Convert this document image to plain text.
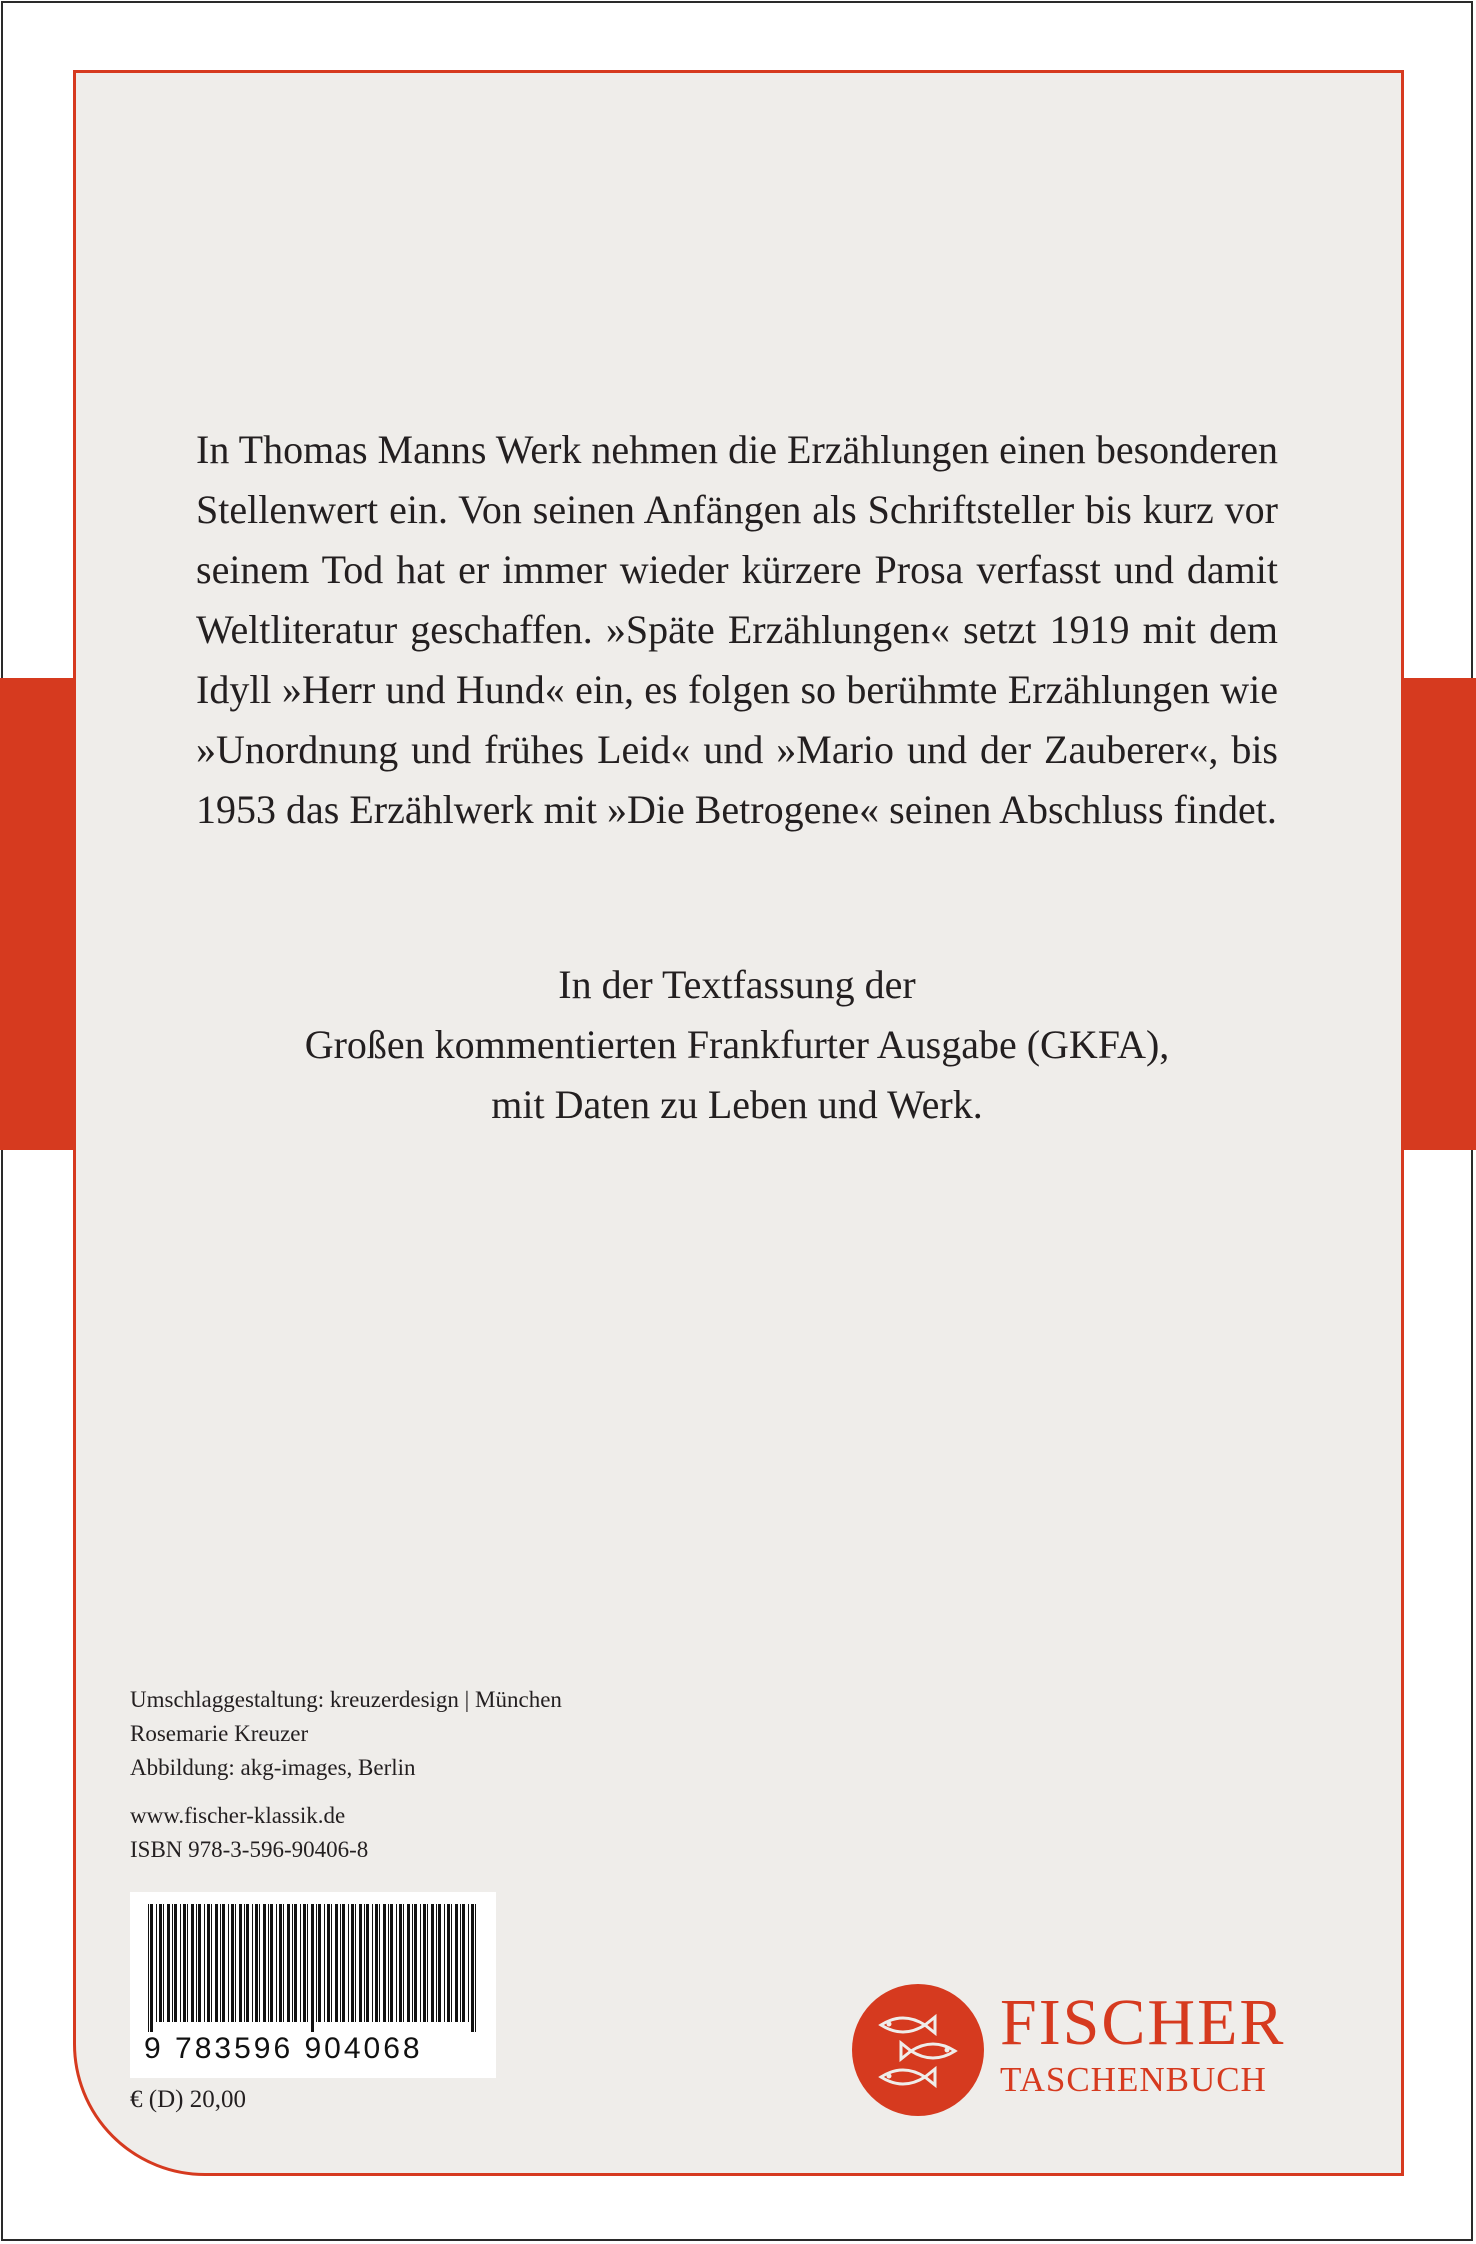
In Thomas Manns Werk nehmen die Erzählungen einen besonderen Stellenwert ein. Von seinen Anfängen als Schriftsteller bis kurz vor seinem Tod hat er immer wieder kürzere Prosa verfasst und damit Weltliteratur geschaffen. »Späte Erzählungen« setzt 1919 mit dem Idyll »Herr und Hund« ein, es folgen so berühmte Erzählungen wie »Unordnung und frühes Leid« und »Mario und der Zauberer«, bis 1953 das Erzählwerk mit »Die Betrogene« seinen Abschluss findet.

In der Textfassung der
Großen kommentierten Frankfurter Ausgabe (GKFA),
mit Daten zu Leben und Werk.
Umschlaggestaltung: kreuzerdesign | München
Rosemarie Kreuzer
Abbildung: akg-images, Berlin
www.fischer-klassik.de
ISBN 978-3-596-90406-8
9 783596 904068
€ (D) 20,00
FISCHER
TASCHENBUCH
